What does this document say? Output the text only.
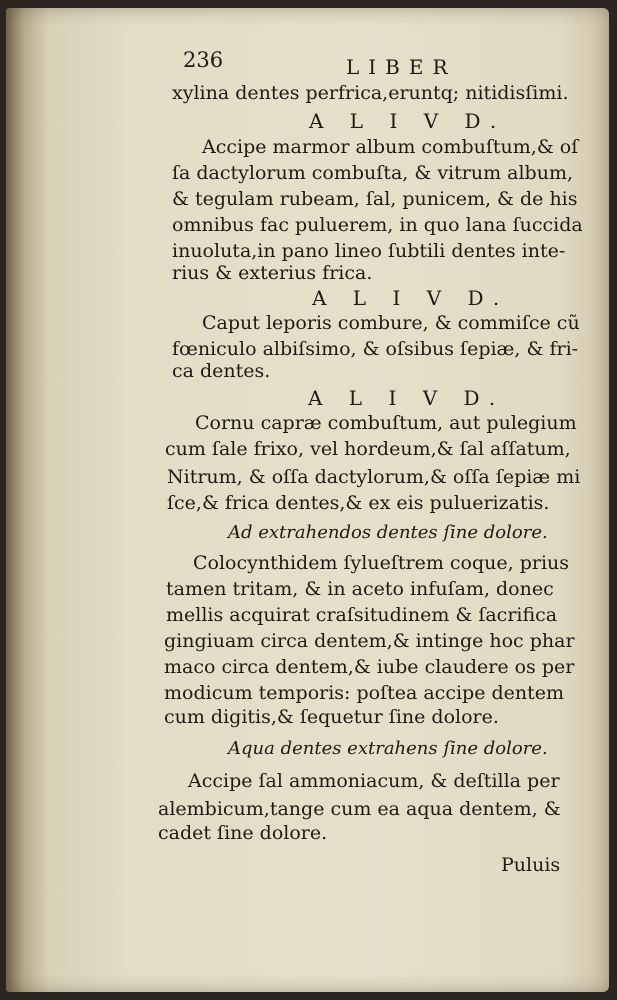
236	LIBER
xylina dentes perfrica,eruntq; nitidisſimi.
A L I V D.
Accipe marmor album combuſtum,& oſ
ſa dactylorum combuſta, & vitrum album,
& tegulam rubeam, ſal, punicem, & de his
omnibus fac puluerem, in quo lana ſuccida
inuoluta,in pano lineo ſubtili dentes inte-
rius & exterius frica.
A L I V D.
Caput leporis combure, & commiſce cũ
fœniculo albiſsimo, & oſsibus ſepiæ, & fri-
ca dentes.
A L I V D.
Cornu capræ combuſtum, aut pulegium
cum ſale frixo, vel hordeum,& ſal aſſatum,
Nitrum, & oſſa dactylorum,& oſſa ſepiæ mi
ſce,& frica dentes,& ex eis puluerizatis.
Ad extrahendos dentes ſine dolore.
Colocynthidem ſylueſtrem coque, prius
tamen tritam, & in aceto infuſam, donec
mellis acquirat craſsitudinem & ſacrifica
gingiuam circa dentem,& intinge hoc phar
maco circa dentem,& iube claudere os per
modicum temporis: poſtea accipe dentem
cum digitis,& ſequetur ſine dolore.
Aqua dentes extrahens ſine dolore.
Accipe ſal ammoniacum, & deſtilla per
alembicum,tange cum ea aqua dentem, &
cadet ſine dolore.
Puluis
